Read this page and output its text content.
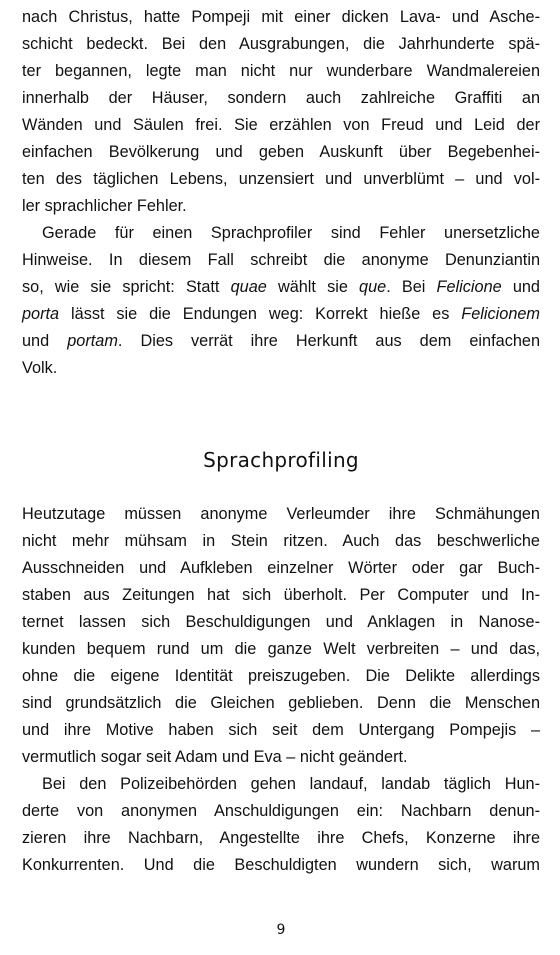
nach Christus, hatte Pompeji mit einer dicken Lava- und Asche-
schicht bedeckt. Bei den Ausgrabungen, die Jahrhunderte spä-
ter begannen, legte man nicht nur wunderbare Wandmalereien
innerhalb der Häuser, sondern auch zahlreiche Graffiti an
Wänden und Säulen frei. Sie erzählen von Freud und Leid der
einfachen Bevölkerung und geben Auskunft über Begebenhei-
ten des täglichen Lebens, unzensiert und unverblümt – und vol-
ler sprachlicher Fehler.

Gerade für einen Sprachprofiler sind Fehler unersetzliche
Hinweise. In diesem Fall schreibt die anonyme Denunziantin
so, wie sie spricht: Statt quae wählt sie que. Bei Felicione und
porta lässt sie die Endungen weg: Korrekt hieße es Felicionem
und portam. Dies verrät ihre Herkunft aus dem einfachen
Volk.

Sprachprofiling

Heutzutage müssen anonyme Verleumder ihre Schmähungen
nicht mehr mühsam in Stein ritzen. Auch das beschwerliche
Ausschneiden und Aufkleben einzelner Wörter oder gar Buch-
staben aus Zeitungen hat sich überholt. Per Computer und In-
ternet lassen sich Beschuldigungen und Anklagen in Nanose-
kunden bequem rund um die ganze Welt verbreiten – und das,
ohne die eigene Identität preiszugeben. Die Delikte allerdings
sind grundsätzlich die Gleichen geblieben. Denn die Menschen
und ihre Motive haben sich seit dem Untergang Pompejis –
vermutlich sogar seit Adam und Eva – nicht geändert.

Bei den Polizeibehörden gehen landauf, landab täglich Hun-
derte von anonymen Anschuldigungen ein: Nachbarn denun-
zieren ihre Nachbarn, Angestellte ihre Chefs, Konzerne ihre
Konkurrenten. Und die Beschuldigten wundern sich, warum

9
